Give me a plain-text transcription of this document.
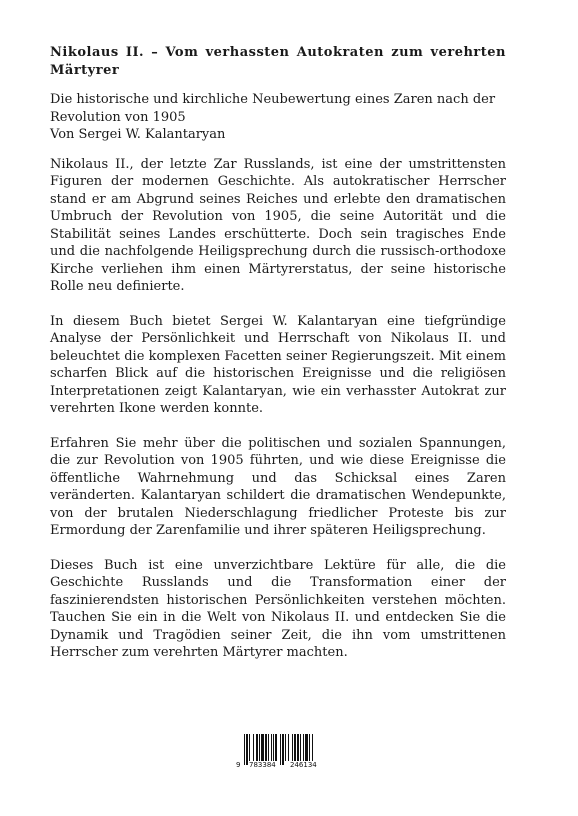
Nikolaus II. – Vom verhassten Autokraten zum verehrten Märtyrer

Die historische und kirchliche Neubewertung eines Zaren nach der Revolution von 1905

Von Sergei W. Kalantaryan

Nikolaus II., der letzte Zar Russlands, ist eine der umstrittensten Figuren der modernen Geschichte. Als autokratischer Herrscher stand er am Abgrund seines Reiches und erlebte den dramatischen Umbruch der Revolution von 1905, die seine Autorität und die Stabilität seines Landes erschütterte. Doch sein tragisches Ende und die nachfolgende Heiligsprechung durch die russisch-orthodoxe Kirche verliehen ihm einen Märtyrerstatus, der seine historische Rolle neu definierte.

In diesem Buch bietet Sergei W. Kalantaryan eine tiefgründige Analyse der Persönlichkeit und Herrschaft von Nikolaus II. und beleuchtet die komplexen Facetten seiner Regierungszeit. Mit einem scharfen Blick auf die historischen Ereignisse und die religiösen Interpretationen zeigt Kalantaryan, wie ein verhasster Autokrat zur verehrten Ikone werden konnte.

Erfahren Sie mehr über die politischen und sozialen Spannungen, die zur Revolution von 1905 führten, und wie diese Ereignisse die öffentliche Wahrnehmung und das Schicksal eines Zaren veränderten. Kalantaryan schildert die dramatischen Wendepunkte, von der brutalen Niederschlagung friedlicher Proteste bis zur Ermordung der Zarenfamilie und ihrer späteren Heiligsprechung.

Dieses Buch ist eine unverzichtbare Lektüre für alle, die die Geschichte Russlands und die Transformation einer der faszinierendsten historischen Persönlichkeiten verstehen möchten. Tauchen Sie ein in die Welt von Nikolaus II. und entdecken Sie die Dynamik und Tragödien seiner Zeit, die ihn vom umstrittenen Herrscher zum verehrten Märtyrer machten.

9 783384 246134
